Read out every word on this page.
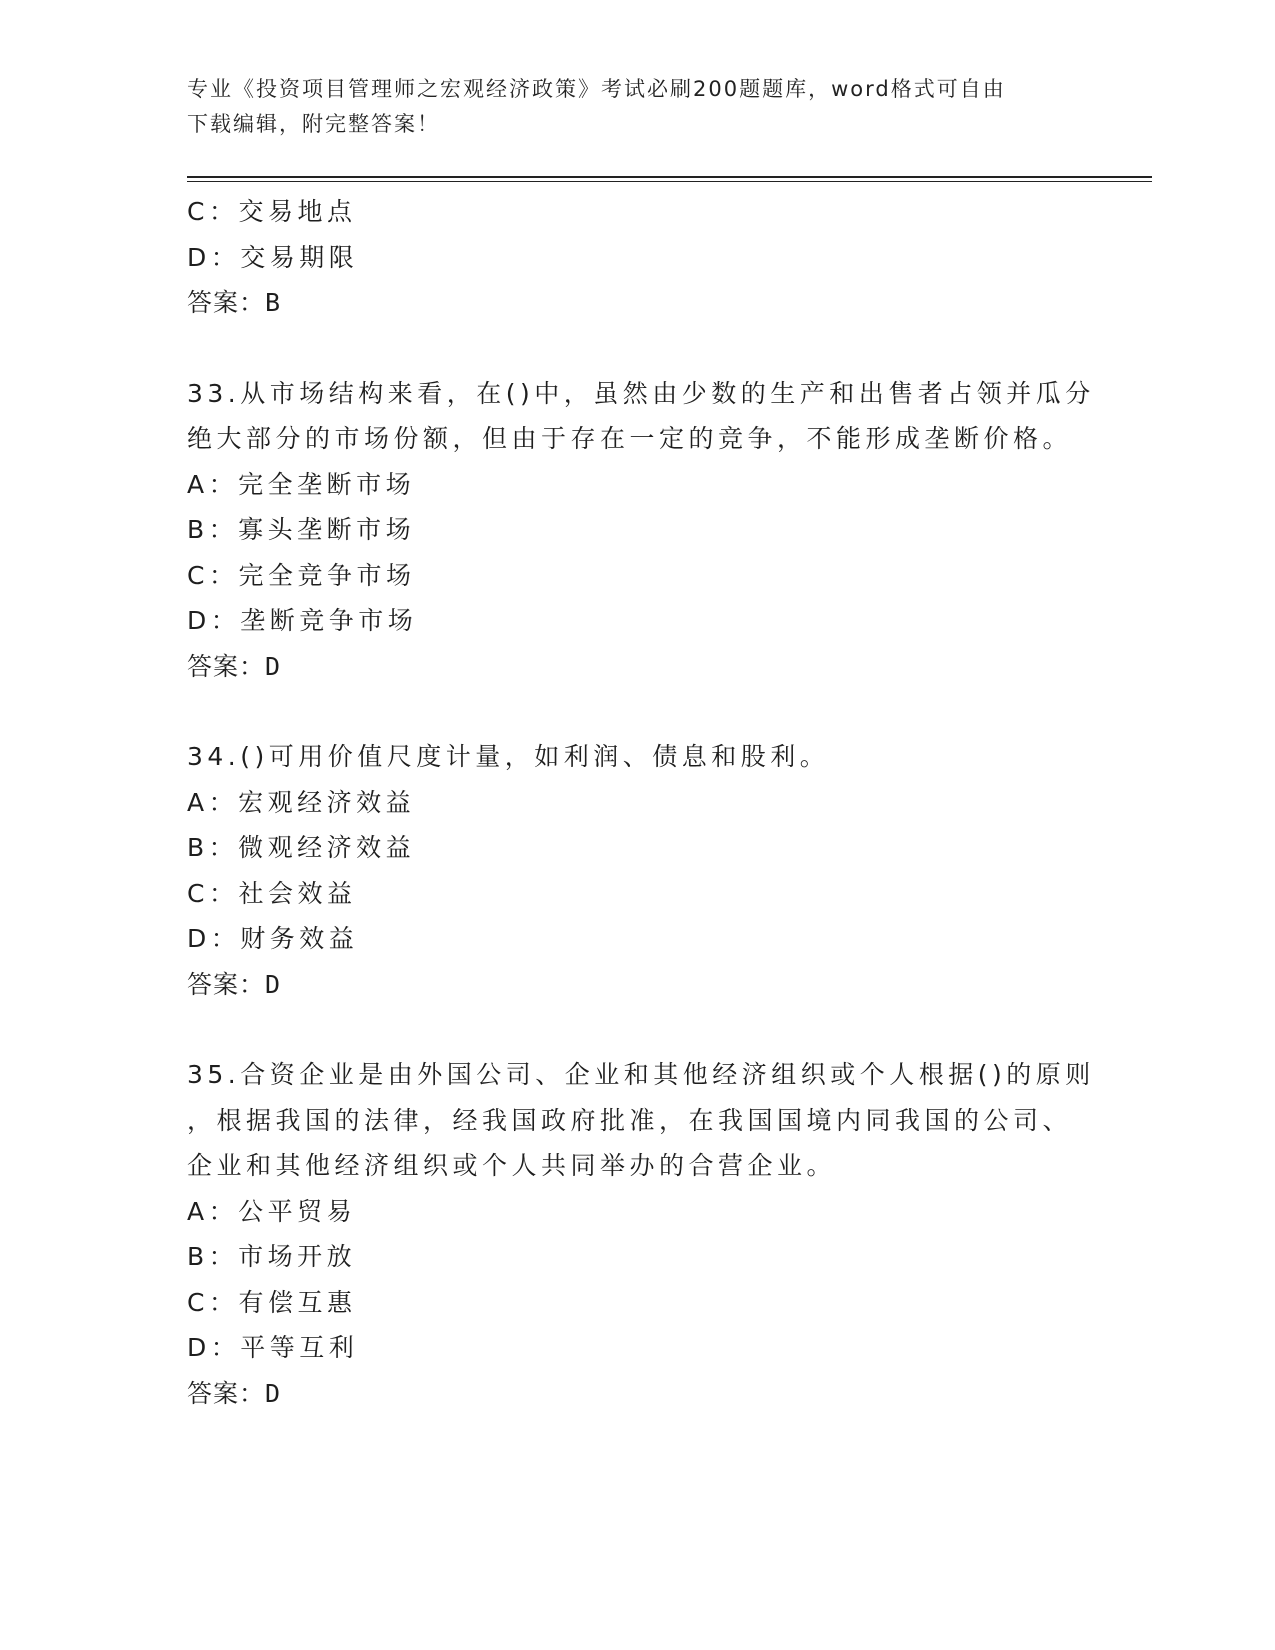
专业《投资项目管理师之宏观经济政策》考试必刷200题题库，word格式可自由
下载编辑，附完整答案！
C：交易地点
D：交易期限
答案：B
33.从市场结构来看，在()中，虽然由少数的生产和出售者占领并瓜分
绝大部分的市场份额，但由于存在一定的竞争，不能形成垄断价格。
A：完全垄断市场
B：寡头垄断市场
C：完全竞争市场
D：垄断竞争市场
答案：D
34.()可用价值尺度计量，如利润、债息和股利。
A：宏观经济效益
B：微观经济效益
C：社会效益
D：财务效益
答案：D
35.合资企业是由外国公司、企业和其他经济组织或个人根据()的原则
，根据我国的法律，经我国政府批准，在我国国境内同我国的公司、
企业和其他经济组织或个人共同举办的合营企业。
A：公平贸易
B：市场开放
C：有偿互惠
D：平等互利
答案：D
